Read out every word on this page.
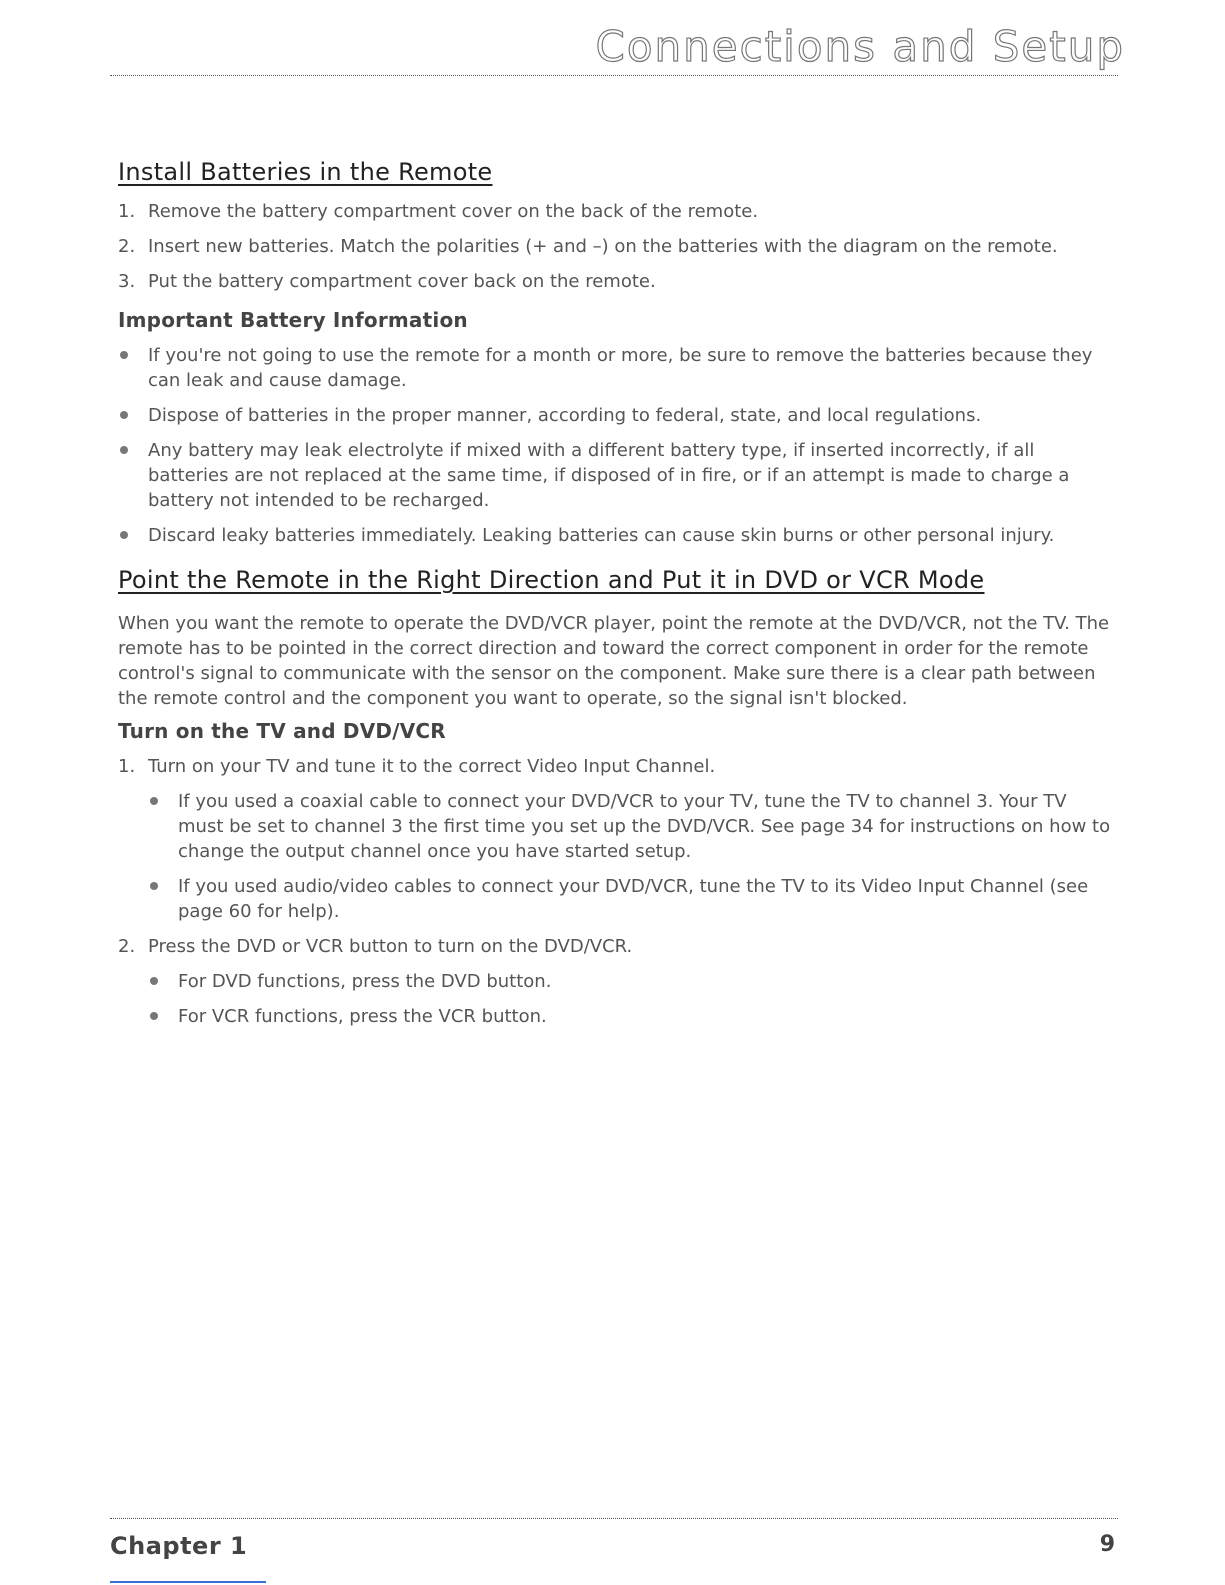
Connections and Setup
Install Batteries in the Remote
1. Remove the battery compartment cover on the back of the remote.
2. Insert new batteries. Match the polarities (+ and –) on the batteries with the diagram on the remote.
3. Put the battery compartment cover back on the remote.
Important Battery Information
If you're not going to use the remote for a month or more, be sure to remove the batteries because they can leak and cause damage.
Dispose of batteries in the proper manner, according to federal, state, and local regulations.
Any battery may leak electrolyte if mixed with a different battery type, if inserted incorrectly, if all batteries are not replaced at the same time, if disposed of in fire, or if an attempt is made to charge a battery not intended to be recharged.
Discard leaky batteries immediately. Leaking batteries can cause skin burns or other personal injury.
Point the Remote in the Right Direction and Put it in DVD or VCR Mode

When you want the remote to operate the DVD/VCR player, point the remote at the DVD/VCR, not the TV. The remote has to be pointed in the correct direction and toward the correct component in order for the remote control's signal to communicate with the sensor on the component. Make sure there is a clear path between the remote control and the component you want to operate, so the signal isn't blocked.

Turn on the TV and DVD/VCR
1. Turn on your TV and tune it to the correct Video Input Channel.
If you used a coaxial cable to connect your DVD/VCR to your TV, tune the TV to channel 3. Your TV must be set to channel 3 the first time you set up the DVD/VCR. See page 34 for instructions on how to change the output channel once you have started setup.
If you used audio/video cables to connect your DVD/VCR, tune the TV to its Video Input Channel (see page 60 for help).
2. Press the DVD or VCR button to turn on the DVD/VCR.
For DVD functions, press the DVD button.
For VCR functions, press the VCR button.
Chapter 1	9
